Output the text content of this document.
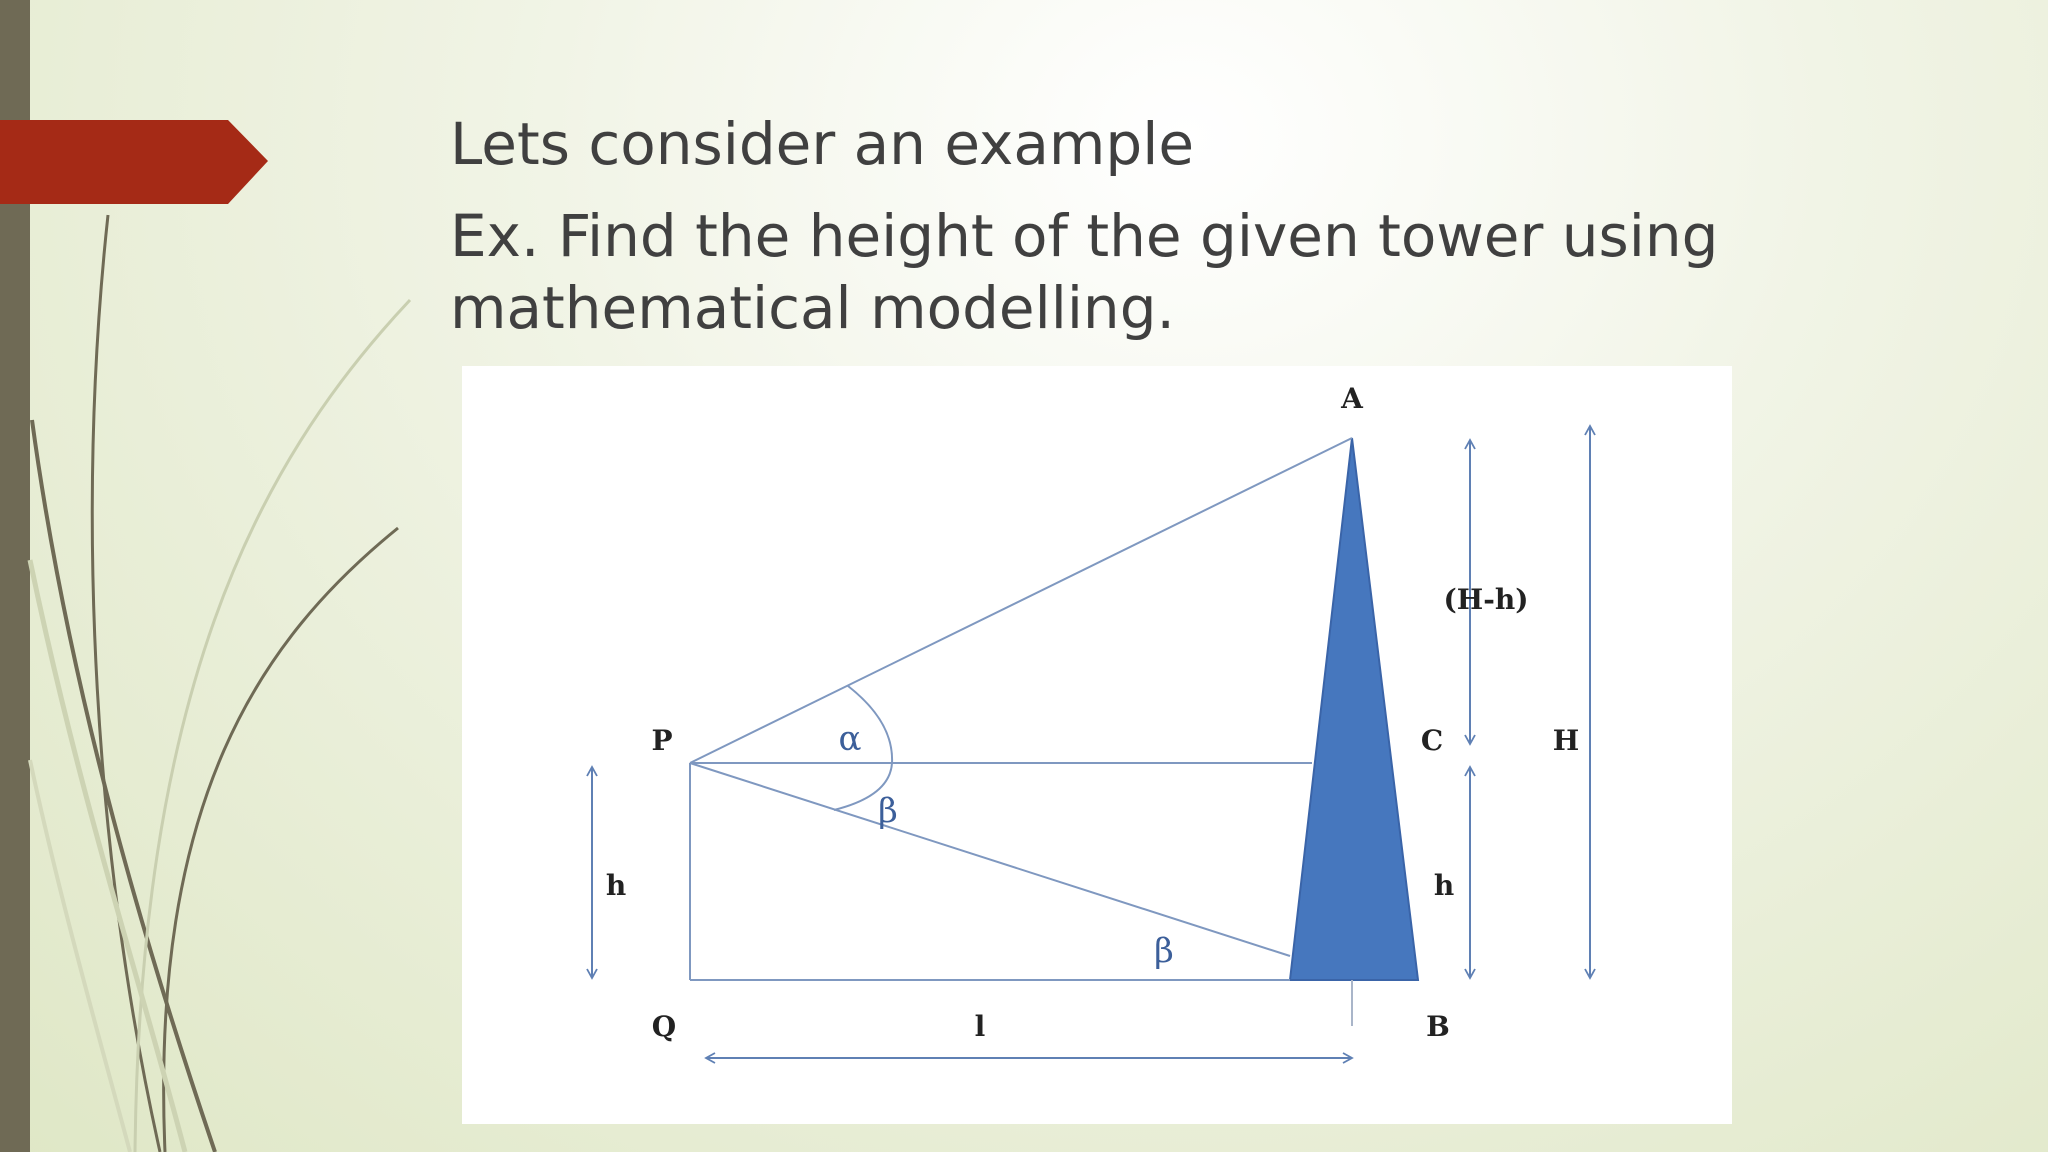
Lets consider an example
Ex. Find the height of the given tower using
mathematical modelling.
A
P
Q	B
C
h	h
(H-h)
H
l
α
β
β
